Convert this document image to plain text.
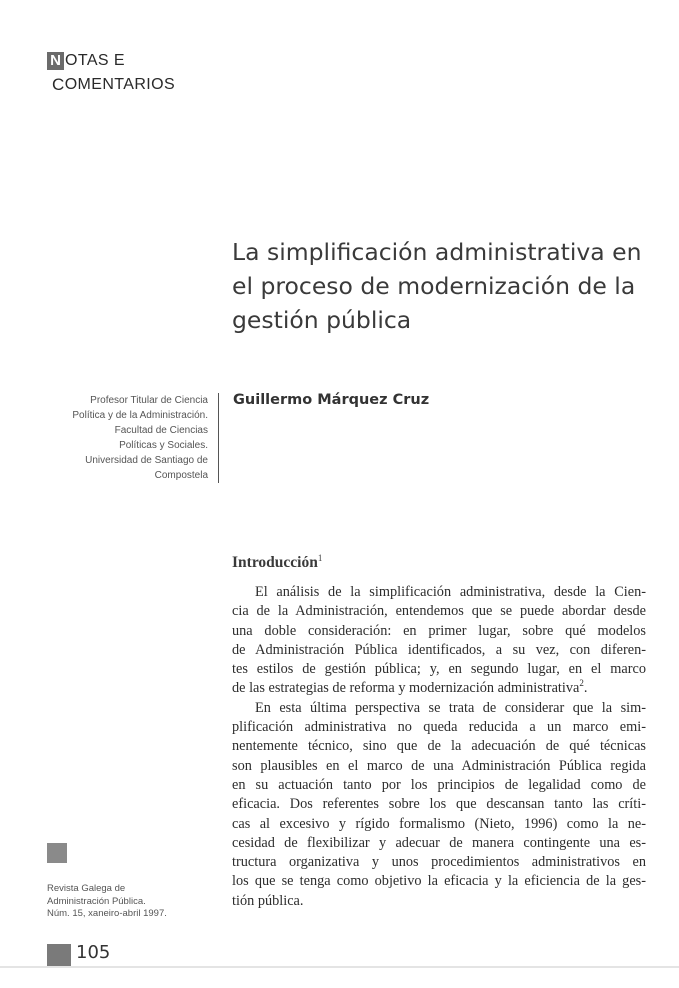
N OTAS E
C OMENTARIOS
La simplificación administrativa en
el proceso de modernización de la
gestión pública
Profesor Titular de Ciencia
Política y de la Administración.
Facultad de Ciencias
Políticas y Sociales.
Universidad de Santiago de
Compostela
Guillermo Márquez Cruz
Introducción$^1$
El análisis de la simplificación administrativa, desde la Cien-
cia de la Administración, entendemos que se puede abordar desde
una doble consideración: en primer lugar, sobre qué modelos
de Administración Pública identificados, a su vez, con diferen-
tes estilos de gestión pública; y, en segundo lugar, en el marco
de las estrategias de reforma y modernización administrativa$^2$.
En esta última perspectiva se trata de considerar que la sim-
plificación administrativa no queda reducida a un marco emi-
nentemente técnico, sino que de la adecuación de qué técnicas
son plausibles en el marco de una Administración Pública regida
en su actuación tanto por los principios de legalidad como de
eficacia. Dos referentes sobre los que descansan tanto las críti-
cas al excesivo y rígido formalismo (Nieto, 1996) como la ne-
cesidad de flexibilizar y adecuar de manera contingente una es-
tructura organizativa y unos procedimientos administrativos en
los que se tenga como objetivo la eficacia y la eficiencia de la ges-
tión pública.
Revista Galega de
Administración Pública.
Núm. 15, xaneiro-abril 1997.
105
